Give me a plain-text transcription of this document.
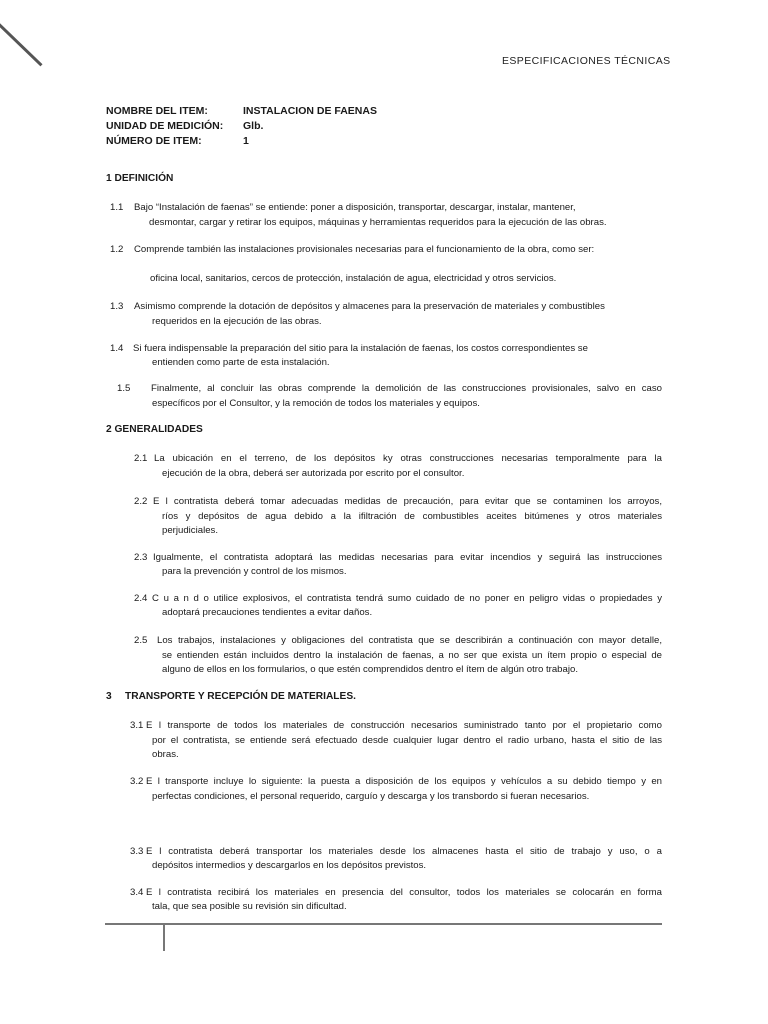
ESPECIFICACIONES TÉCNICAS
NOMBRE DEL ITEM:	INSTALACION DE FAENAS
UNIDAD DE MEDICIÓN:	Glb.
NÚMERO DE ITEM:	1
1 DEFINICIÓN
1.1 Bajo “Instalación de faenas” se entiende: poner a disposición, transportar, descargar, instalar, mantener,
desmontar, cargar y retirar los equipos, máquinas y herramientas requeridos para la ejecución de las obras.
1.2 Comprende también las instalaciones provisionales necesarias para el funcionamiento de la obra, como ser:
oficina local, sanitarios, cercos de protección, instalación de agua, electricidad y otros servicios.
1.3 Asimismo comprende la dotación de depósitos y almacenes para la preservación de materiales y combustibles
requeridos en la ejecución de las obras.
1.4 Si fuera indispensable la preparación del sitio para la instalación de faenas, los costos correspondientes se
entienden como parte de esta instalación.
1.5 Finalmente, al concluir las obras comprende la demolición de las construcciones provisionales, salvo en caso
específicos por el Consultor, y la remoción de todos los materiales y equipos.
2 GENERALIDADES
2.1 La ubicación en el terreno, de los depósitos ky otras construcciones necesarias temporalmente para la
ejecución de la obra, deberá ser autorizada por escrito por el consultor.
2.2 E l contratista deberá tomar adecuadas medidas de precaución, para evitar que se contaminen los arroyos,
ríos y depósitos de agua debido a la ifiltración de combustibles aceites bitúmenes y otros materiales
perjudiciales.
2.3 Igualmente, el contratista adoptará las medidas necesarias para evitar incendios y seguirá las instrucciones
para la prevención y control de los mismos.
2.4 C u a n d o utilice explosivos, el contratista tendrá sumo cuidado de no poner en peligro vidas o propiedades y
adoptará precauciones tendientes a evitar daños.
2.5 Los trabajos, instalaciones y obligaciones del contratista que se describirán a continuación con mayor detalle,
se entienden están incluidos dentro la instalación de faenas, a no ser que exista un ítem propio o especial de
alguno de ellos en los formularios, o que estén comprendidos dentro el ítem de algún otro trabajo.
3 TRANSPORTE Y RECEPCIÓN DE MATERIALES.
3.1 E l transporte de todos los materiales de construcción necesarios suministrado tanto por el propietario como
por el contratista, se entiende será efectuado desde cualquier lugar dentro el radio urbano, hasta el sitio de las
obras.
3.2 E l transporte incluye lo siguiente: la puesta a disposición de los equipos y vehículos a su debido tiempo y en
perfectas condiciones, el personal requerido, carguío y descarga y los transbordo si fueran necesarios.
3.3 E l contratista deberá transportar los materiales desde los almacenes hasta el sitio de trabajo y uso, o a
depósitos intermedios y descargarlos en los depósitos previstos.
3.4 E l contratista recibirá los materiales en presencia del consultor, todos los materiales se colocarán en forma
tala, que sea posible su revisión sin dificultad.
